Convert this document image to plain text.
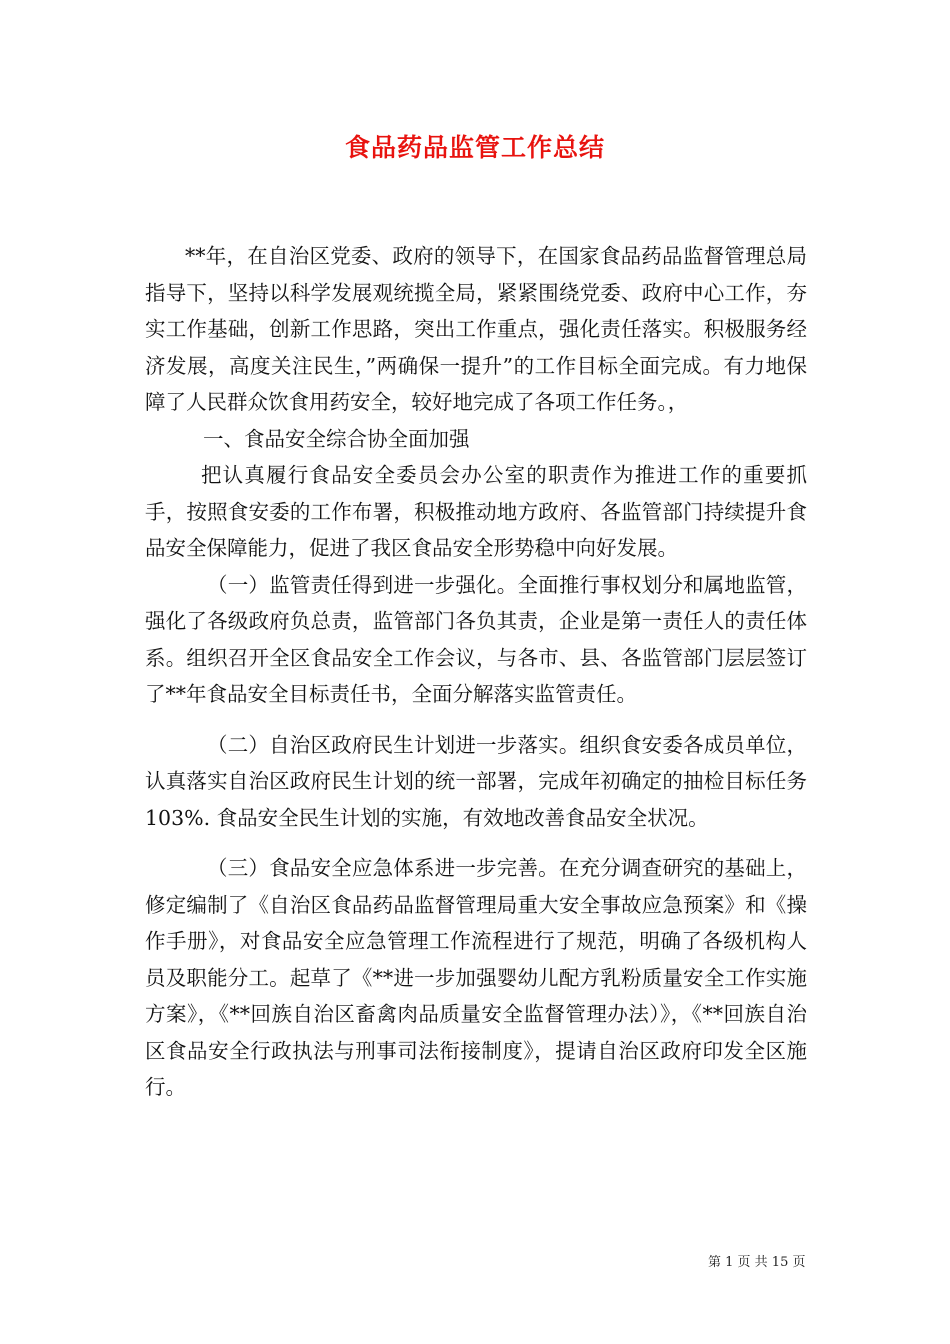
食品药品监管工作总结

**年，在自治区党委、政府的领导下，在国家食品药品监督管理总局指导下，坚持以科学发展观统揽全局，紧紧围绕党委、政府中心工作，夯实工作基础，创新工作思路，突出工作重点，强化责任落实。积极服务经济发展，高度关注民生，”两确保一提升”的工作目标全面完成。有力地保障了人民群众饮食用药安全，较好地完成了各项工作任务。，

一、食品安全综合协全面加强

把认真履行食品安全委员会办公室的职责作为推进工作的重要抓手，按照食安委的工作布署，积极推动地方政府、各监管部门持续提升食品安全保障能力，促进了我区食品安全形势稳中向好发展。

（一）监管责任得到进一步强化。全面推行事权划分和属地监管，强化了各级政府负总责，监管部门各负其责，企业是第一责任人的责任体系。组织召开全区食品安全工作会议，与各市、县、各监管部门层层签订了**年食品安全目标责任书，全面分解落实监管责任。

（二）自治区政府民生计划进一步落实。组织食安委各成员单位，认真落实自治区政府民生计划的统一部署，完成年初确定的抽检目标任务 103%. 食品安全民生计划的实施，有效地改善食品安全状况。

（三）食品安全应急体系进一步完善。在充分调查研究的基础上，修定编制了《自治区食品药品监督管理局重大安全事故应急预案》和《操作手册》，对食品安全应急管理工作流程进行了规范，明确了各级机构人员及职能分工。起草了《**进一步加强婴幼儿配方乳粉质量安全工作实施方案》，《**回族自治区畜禽肉品质量安全监督管理办法）》，《**回族自治区食品安全行政执法与刑事司法衔接制度》，提请自治区政府印发全区施行。

第 1 页 共 15 页
